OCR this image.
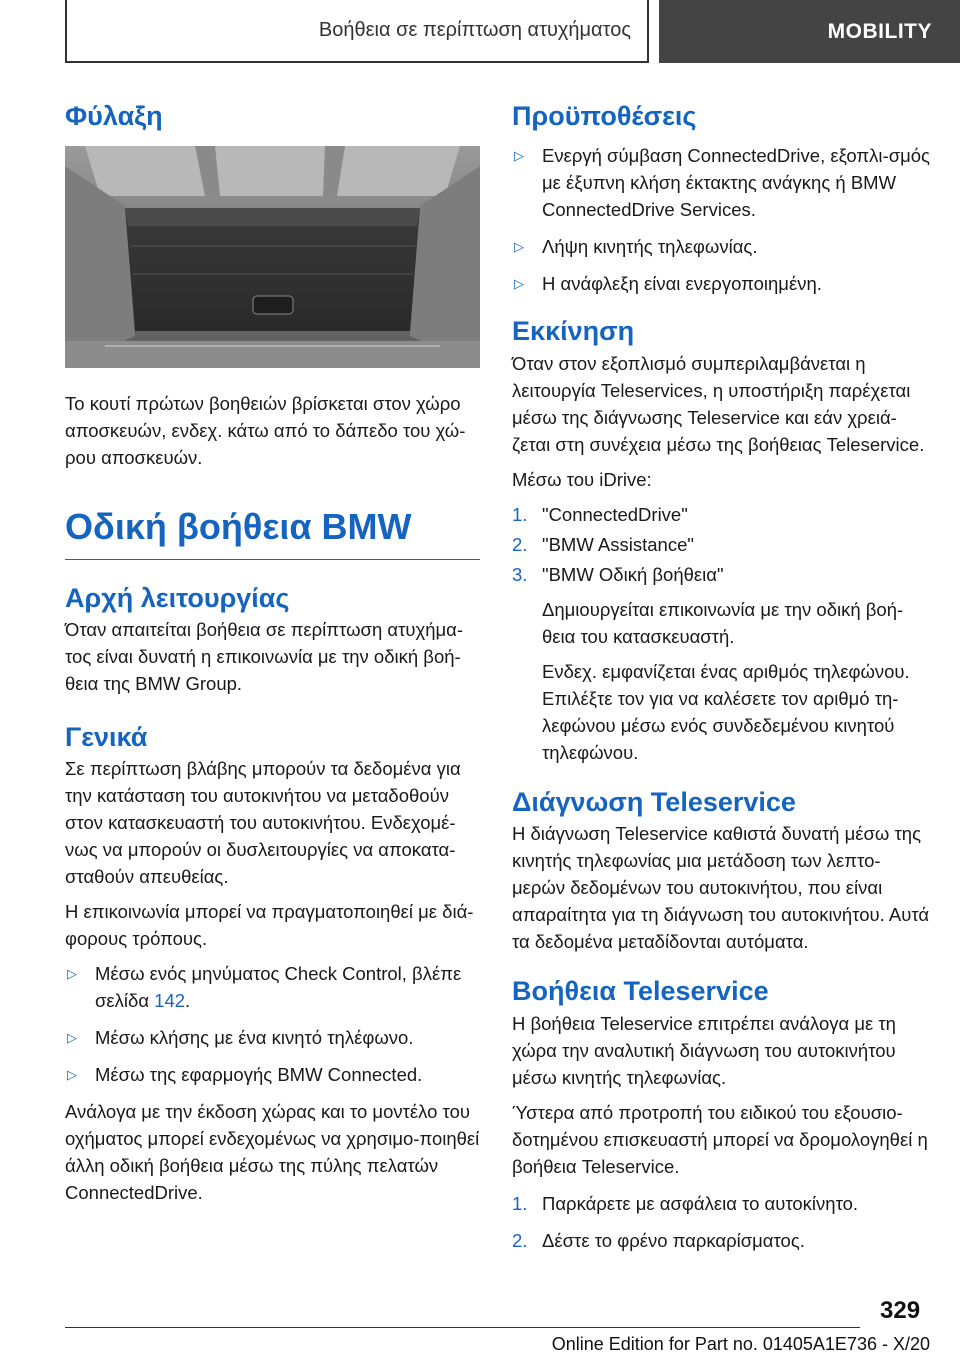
Βοήθεια σε περίπτωση ατυχήματος	MOBILITY
Φύλαξη

Το κουτί πρώτων βοηθειών βρίσκεται στον χώρο αποσκευών, ενδεχ. κάτω από το δάπεδο του χώ-ρου αποσκευών.

Οδική βοήθεια BMW
Αρχή λειτουργίας

Όταν απαιτείται βοήθεια σε περίπτωση ατυχήμα-τος είναι δυνατή η επικοινωνία με την οδική βοή-θεια της BMW Group.

Γενικά

Σε περίπτωση βλάβης μπορούν τα δεδομένα για την κατάσταση του αυτοκινήτου να μεταδοθούν στον κατασκευαστή του αυτοκινήτου. Ενδεχομέ-νως να μπορούν οι δυσλειτουργίες να αποκατα-σταθούν απευθείας.

Η επικοινωνία μπορεί να πραγματοποιηθεί με διά-φορους τρόπους.

▷ Μέσω ενός μηνύματος Check Control, βλέπε σελίδα 142.
▷ Μέσω κλήσης με ένα κινητό τηλέφωνο.
▷ Μέσω της εφαρμογής BMW Connected.

Ανάλογα με την έκδοση χώρας και το μοντέλο του οχήματος μπορεί ενδεχομένως να χρησιμο-ποιηθεί άλλη οδική βοήθεια μέσω της πύλης πελατών ConnectedDrive.

Προϋποθέσεις
▷ Ενεργή σύμβαση ConnectedDrive, εξοπλι-σμός με έξυπνη κλήση έκτακτης ανάγκης ή BMW ConnectedDrive Services.
▷ Λήψη κινητής τηλεφωνίας.
▷ Η ανάφλεξη είναι ενεργοποιημένη.
Εκκίνηση

Όταν στον εξοπλισμό συμπεριλαμβάνεται η λειτουργία Teleservices, η υποστήριξη παρέχεται μέσω της διάγνωσης Teleservice και εάν χρειά-ζεται στη συνέχεια μέσω της βοήθειας Teleservice.

Μέσω του iDrive:

1. "ConnectedDrive"
2. "BMW Assistance"
3. "BMW Οδική βοήθεια"

Δημιουργείται επικοινωνία με την οδική βοή-θεια του κατασκευαστή.

Ενδεχ. εμφανίζεται ένας αριθμός τηλεφώνου. Επιλέξτε τον για να καλέσετε τον αριθμό τη-λεφώνου μέσω ενός συνδεδεμένου κινητού τηλεφώνου.

Διάγνωση Teleservice

Η διάγνωση Teleservice καθιστά δυνατή μέσω της κινητής τηλεφωνίας μια μετάδοση των λεπτο-μερών δεδομένων του αυτοκινήτου, που είναι απαραίτητα για τη διάγνωση του αυτοκινήτου. Αυτά τα δεδομένα μεταδίδονται αυτόματα.

Βοήθεια Teleservice

Η βοήθεια Teleservice επιτρέπει ανάλογα με τη χώρα την αναλυτική διάγνωση του αυτοκινήτου μέσω κινητής τηλεφωνίας.

Ύστερα από προτροπή του ειδικού του εξουσιο-δοτημένου επισκευαστή μπορεί να δρομολογηθεί η βοήθεια Teleservice.

1. Παρκάρετε με ασφάλεια το αυτοκίνητο.
2. Δέστε το φρένο παρκαρίσματος.
329
Online Edition for Part no. 01405A1E736 - X/20
